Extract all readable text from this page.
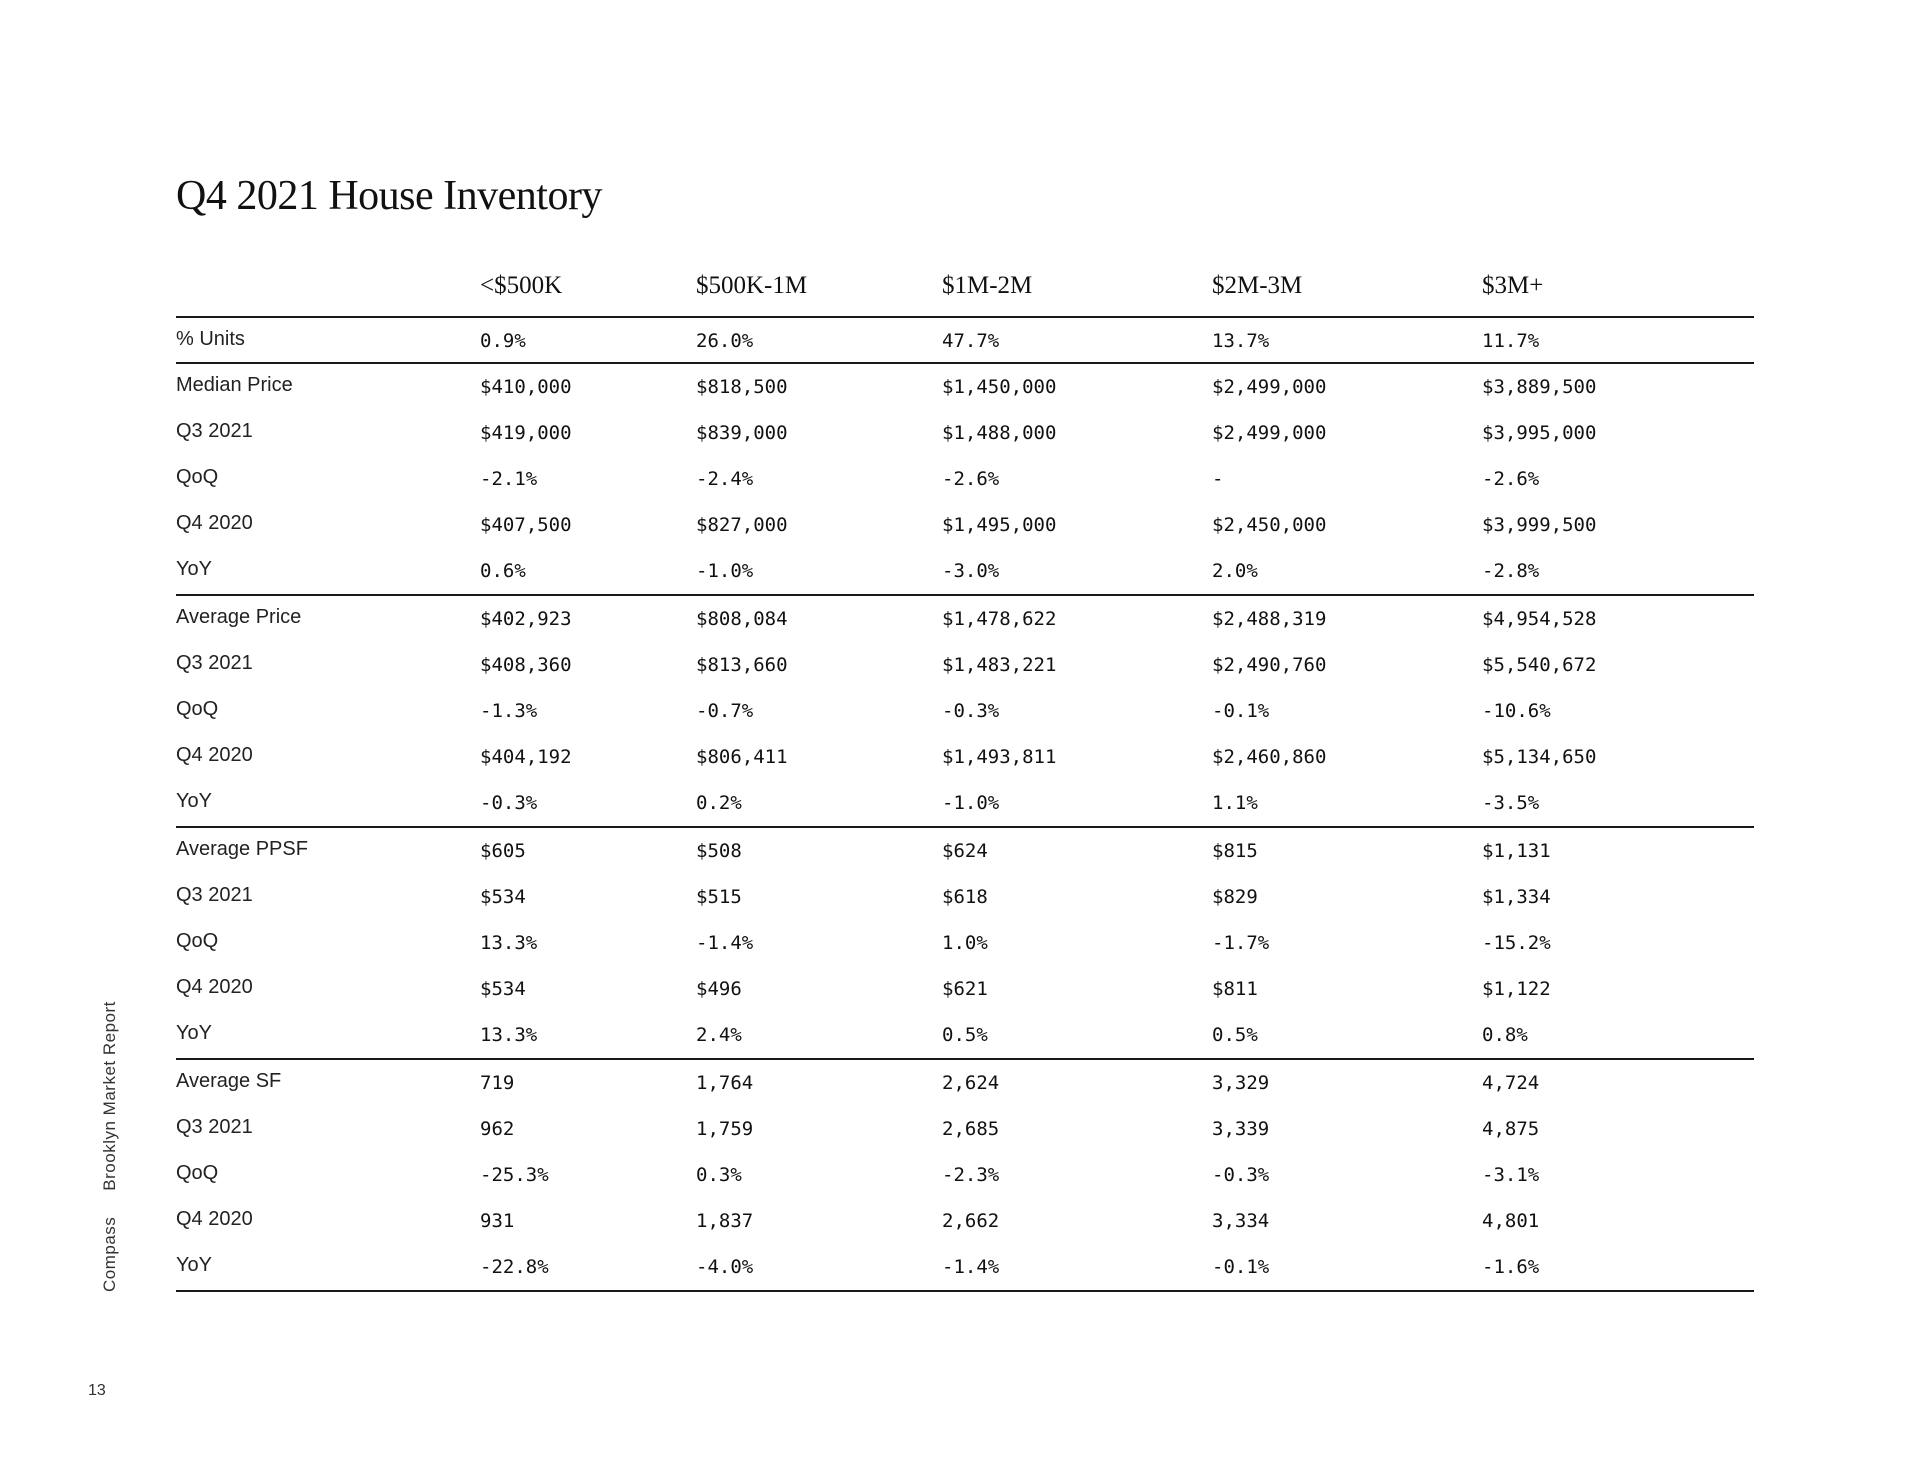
Q4 2021 House Inventory
<$500K	$500K-1M	$1M-2M	$2M-3M	$3M+
% Units	0.9%	26.0%	47.7%	13.7%	11.7%
Median Price	$410,000	$818,500	$1,450,000	$2,499,000	$3,889,500
Q3 2021	$419,000	$839,000	$1,488,000	$2,499,000	$3,995,000
QoQ	-2.1%	-2.4%	-2.6%	-	-2.6%
Q4 2020	$407,500	$827,000	$1,495,000	$2,450,000	$3,999,500
YoY	0.6%	-1.0%	-3.0%	2.0%	-2.8%
Average Price	$402,923	$808,084	$1,478,622	$2,488,319	$4,954,528
Q3 2021	$408,360	$813,660	$1,483,221	$2,490,760	$5,540,672
QoQ	-1.3%	-0.7%	-0.3%	-0.1%	-10.6%
Q4 2020	$404,192	$806,411	$1,493,811	$2,460,860	$5,134,650
YoY	-0.3%	0.2%	-1.0%	1.1%	-3.5%
Average PPSF	$605	$508	$624	$815	$1,131
Q3 2021	$534	$515	$618	$829	$1,334
QoQ	13.3%	-1.4%	1.0%	-1.7%	-15.2%
Q4 2020	$534	$496	$621	$811	$1,122
YoY	13.3%	2.4%	0.5%	0.5%	0.8%
Average SF	719	1,764	2,624	3,329	4,724
Q3 2021	962	1,759	2,685	3,339	4,875
QoQ	-25.3%	0.3%	-2.3%	-0.3%	-3.1%
Q4 2020	931	1,837	2,662	3,334	4,801
YoY	-22.8%	-4.0%	-1.4%	-0.1%	-1.6%
CompassBrooklyn Market Report
13
